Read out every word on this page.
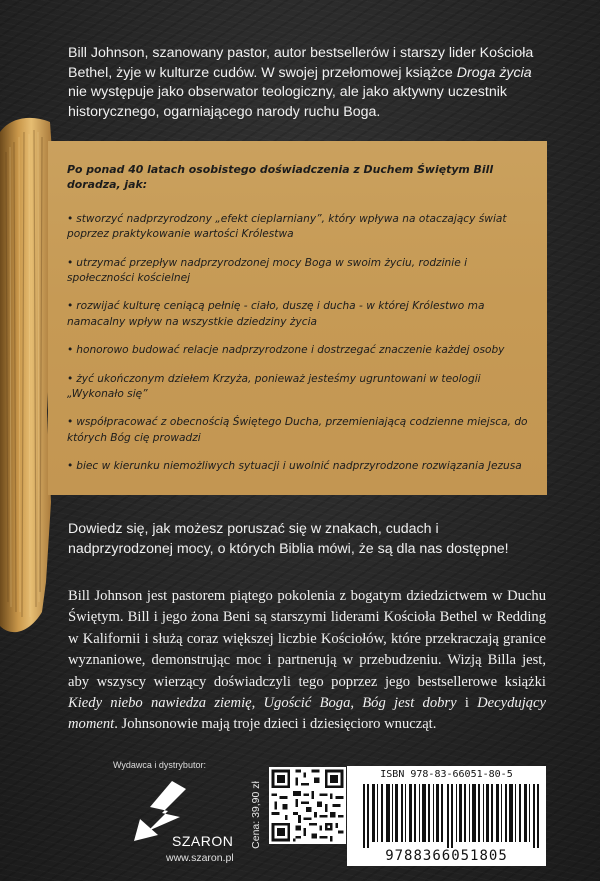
Bill Johnson, szanowany pastor, autor bestsellerów i starszy lider Kościoła Bethel, żyje w kulturze cudów. W swojej przełomowej książce Droga życia nie występuje jako obserwator teologiczny, ale jako aktywny uczestnik historycznego, ogarniającego narody ruchu Boga.
Po ponad 40 latach osobistego doświadczenia z Duchem Świętym Bill doradza, jak:
• stworzyć nadprzyrodzony „efekt cieplarniany”, który wpływa na otaczający świat poprzez praktykowanie wartości Królestwa
• utrzymać przepływ nadprzyrodzonej mocy Boga w swoim życiu, rodzinie i społeczności kościelnej
• rozwijać kulturę ceniącą pełnię - ciało, duszę i ducha - w której Królestwo ma namacalny wpływ na wszystkie dziedziny życia
• honorowo budować relacje nadprzyrodzone i dostrzegać znaczenie każdej osoby
• żyć ukończonym dziełem Krzyża, ponieważ jesteśmy ugruntowani w teologii „Wykonało się”
• współpracować z obecnością Świętego Ducha, przemieniającą codzienne miejsca, do których Bóg cię prowadzi
• biec w kierunku niemożliwych sytuacji i uwolnić nadprzyrodzone rozwiązania Jezusa
Dowiedz się, jak możesz poruszać się w znakach, cudach i nadprzyrodzonej mocy, o których Biblia mówi, że są dla nas dostępne!
Bill Johnson jest pastorem piątego pokolenia z bogatym dziedzictwem w Duchu Świętym. Bill i jego żona Beni są starszymi liderami Kościoła Bethel w Redding w Kalifornii i służą coraz większej liczbie Kościołów, które przekraczają granice wyznaniowe, demonstrując moc i partnerują w przebudzeniu. Wizją Billa jest, aby wszyscy wierzący doświadczyli tego poprzez jego bestsellerowe książki Kiedy niebo nawiedza ziemię, Ugościć Boga, Bóg jest dobry i Decydujący moment. Johnsonowie mają troje dzieci i dziesięcioro wnucząt.
Wydawca i dystrybutor:
SZARON
www.szaron.pl
Cena: 39,90 zł
ISBN 978-83-66051-80-5
9788366051805
